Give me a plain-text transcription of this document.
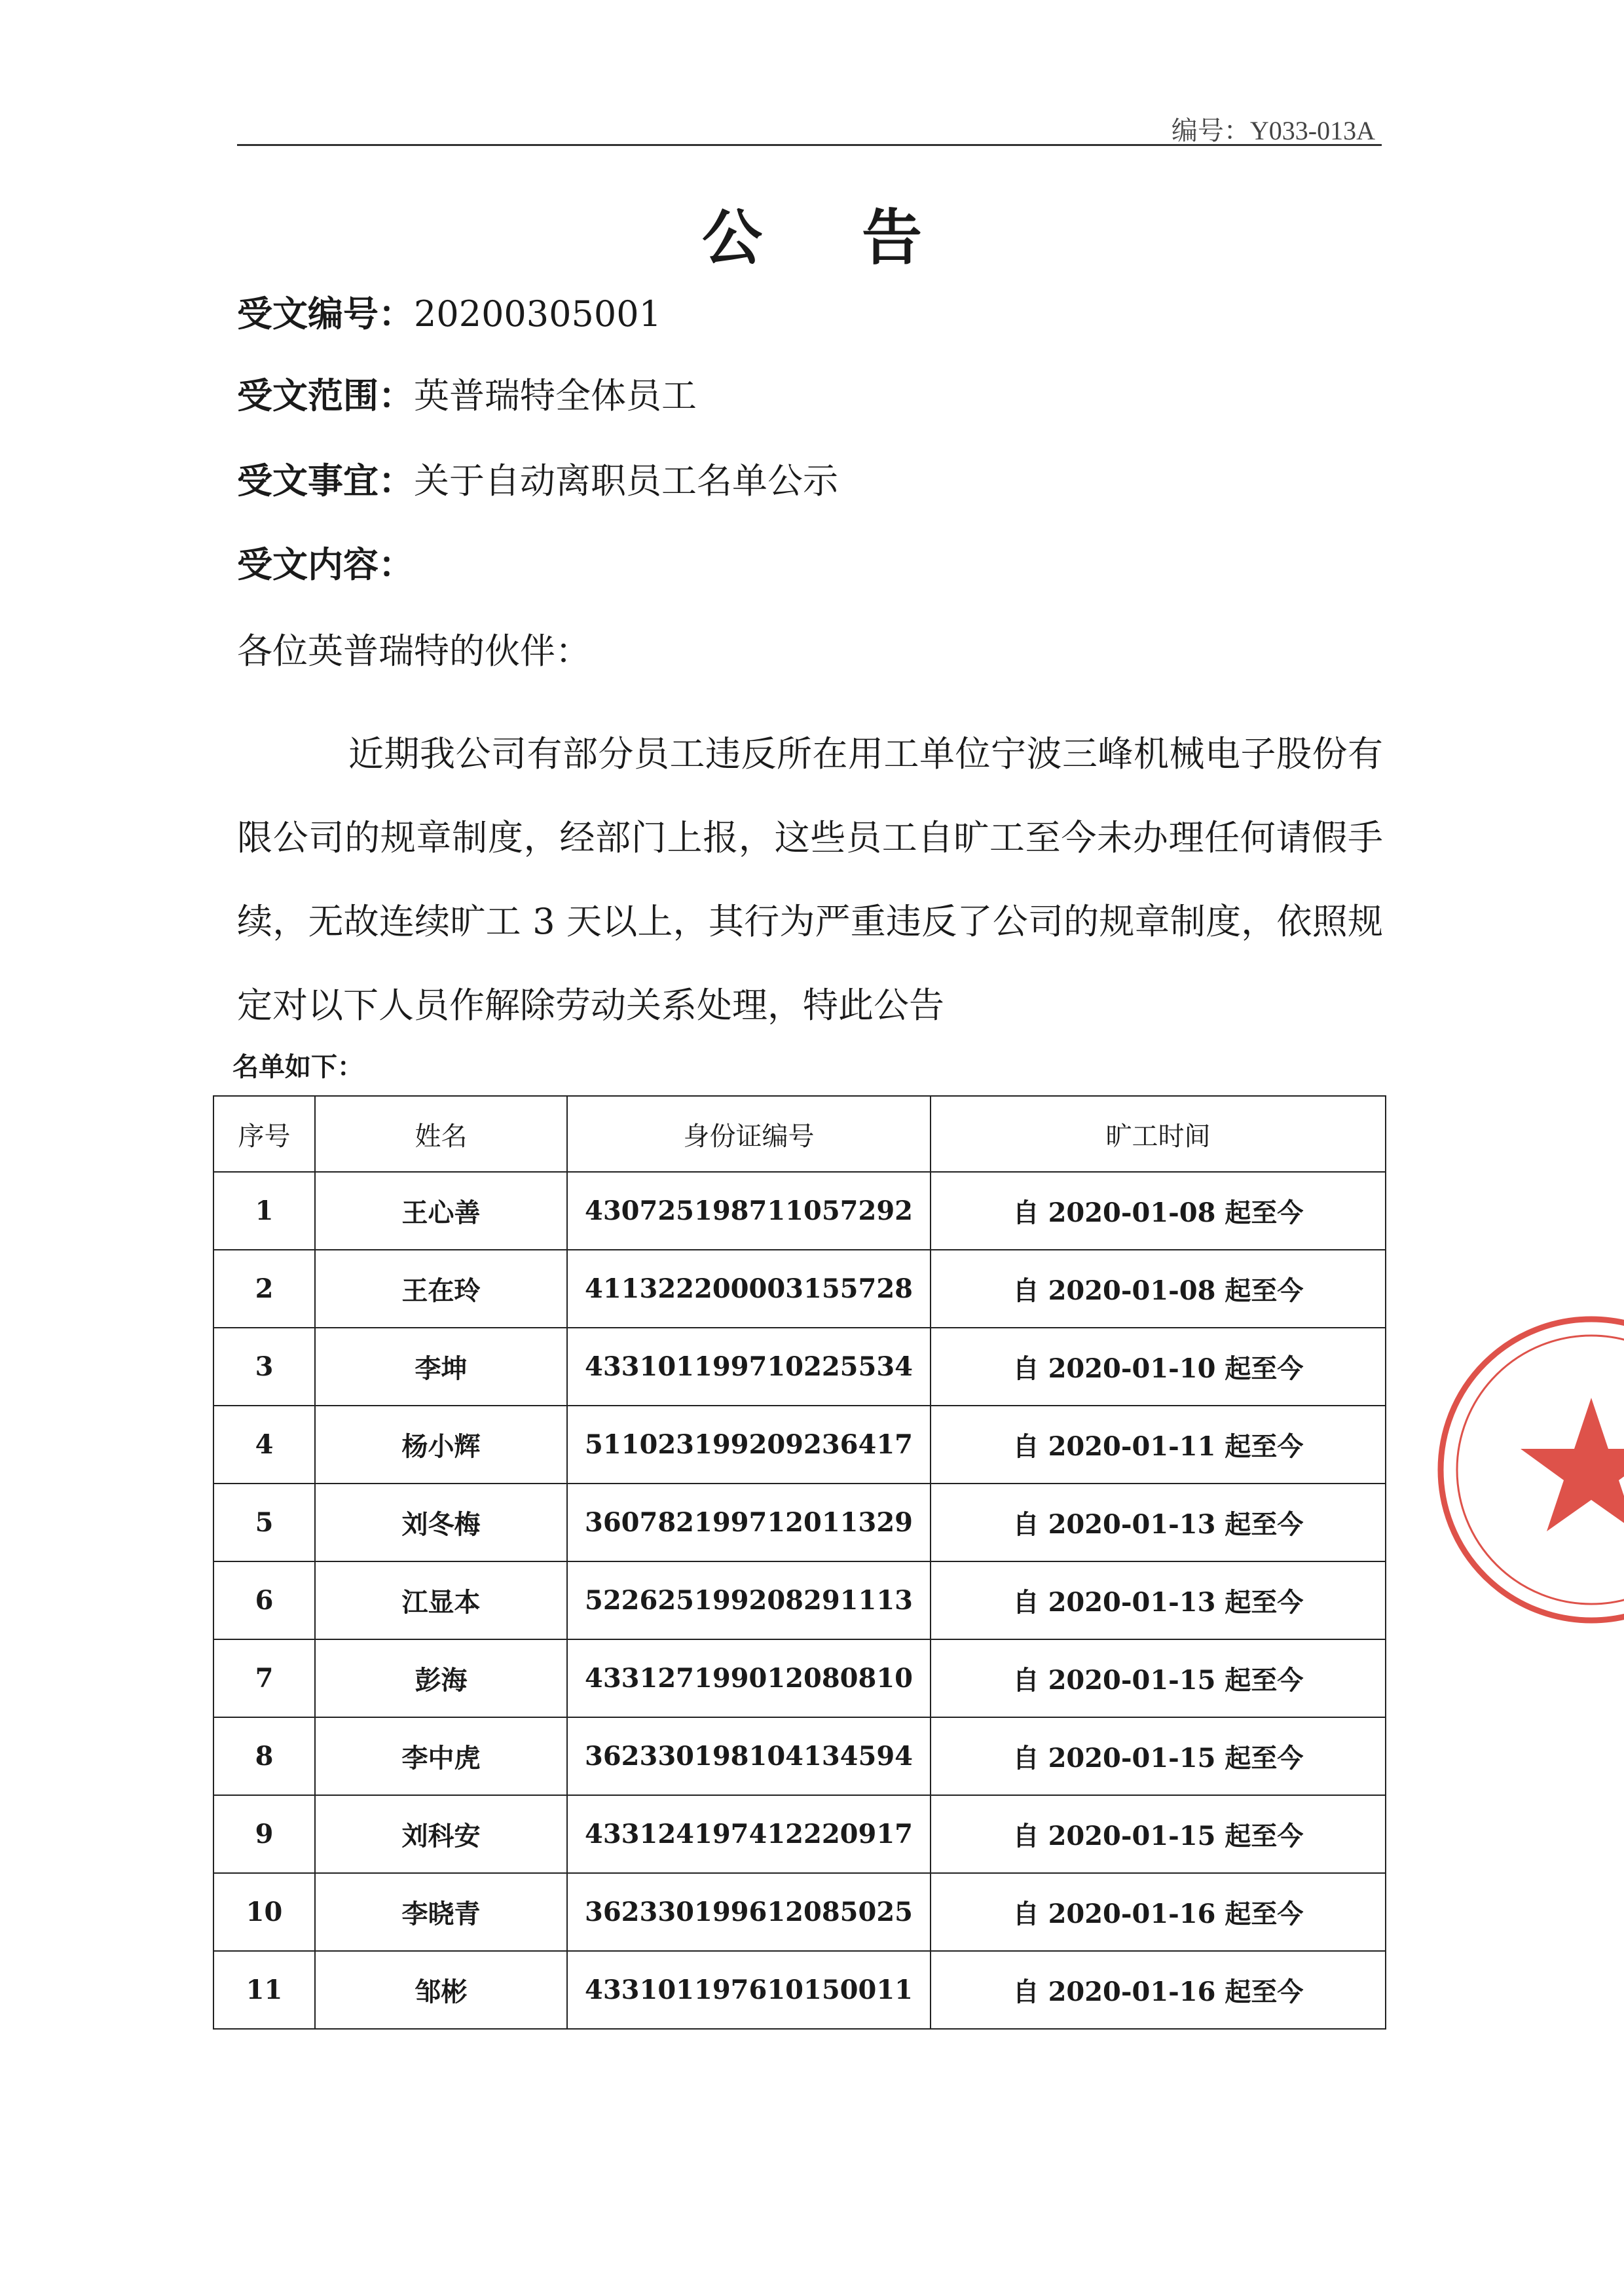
编号：Y033-013A
公 告
受文编号：20200305001
受文范围：英普瑞特全体员工
受文事宜：关于自动离职员工名单公示
受文内容：
各位英普瑞特的伙伴：

近期我公司有部分员工违反所在用工单位宁波三峰机械电子股份有限公司的规章制度，经部门上报，这些员工自旷工至今未办理任何请假手续，无故连续旷工 3 天以上，其行为严重违反了公司的规章制度，依照规定对以下人员作解除劳动关系处理，特此公告

名单如下：
序号	姓名	身份证编号	旷工时间
1	王心善	430725198711057292	自 2020-01-08 起至今
2	王在玲	411322200003155728	自 2020-01-08 起至今
3	李坤	433101199710225534	自 2020-01-10 起至今
4	杨小辉	511023199209236417	自 2020-01-11 起至今
5	刘冬梅	360782199712011329	自 2020-01-13 起至今
6	江显本	522625199208291113	自 2020-01-13 起至今
7	彭海	433127199012080810	自 2020-01-15 起至今
8	李中虎	362330198104134594	自 2020-01-15 起至今
9	刘科安	433124197412220917	自 2020-01-15 起至今
10	李晓青	362330199612085025	自 2020-01-16 起至今
11	邹彬	433101197610150011	自 2020-01-16 起至今
